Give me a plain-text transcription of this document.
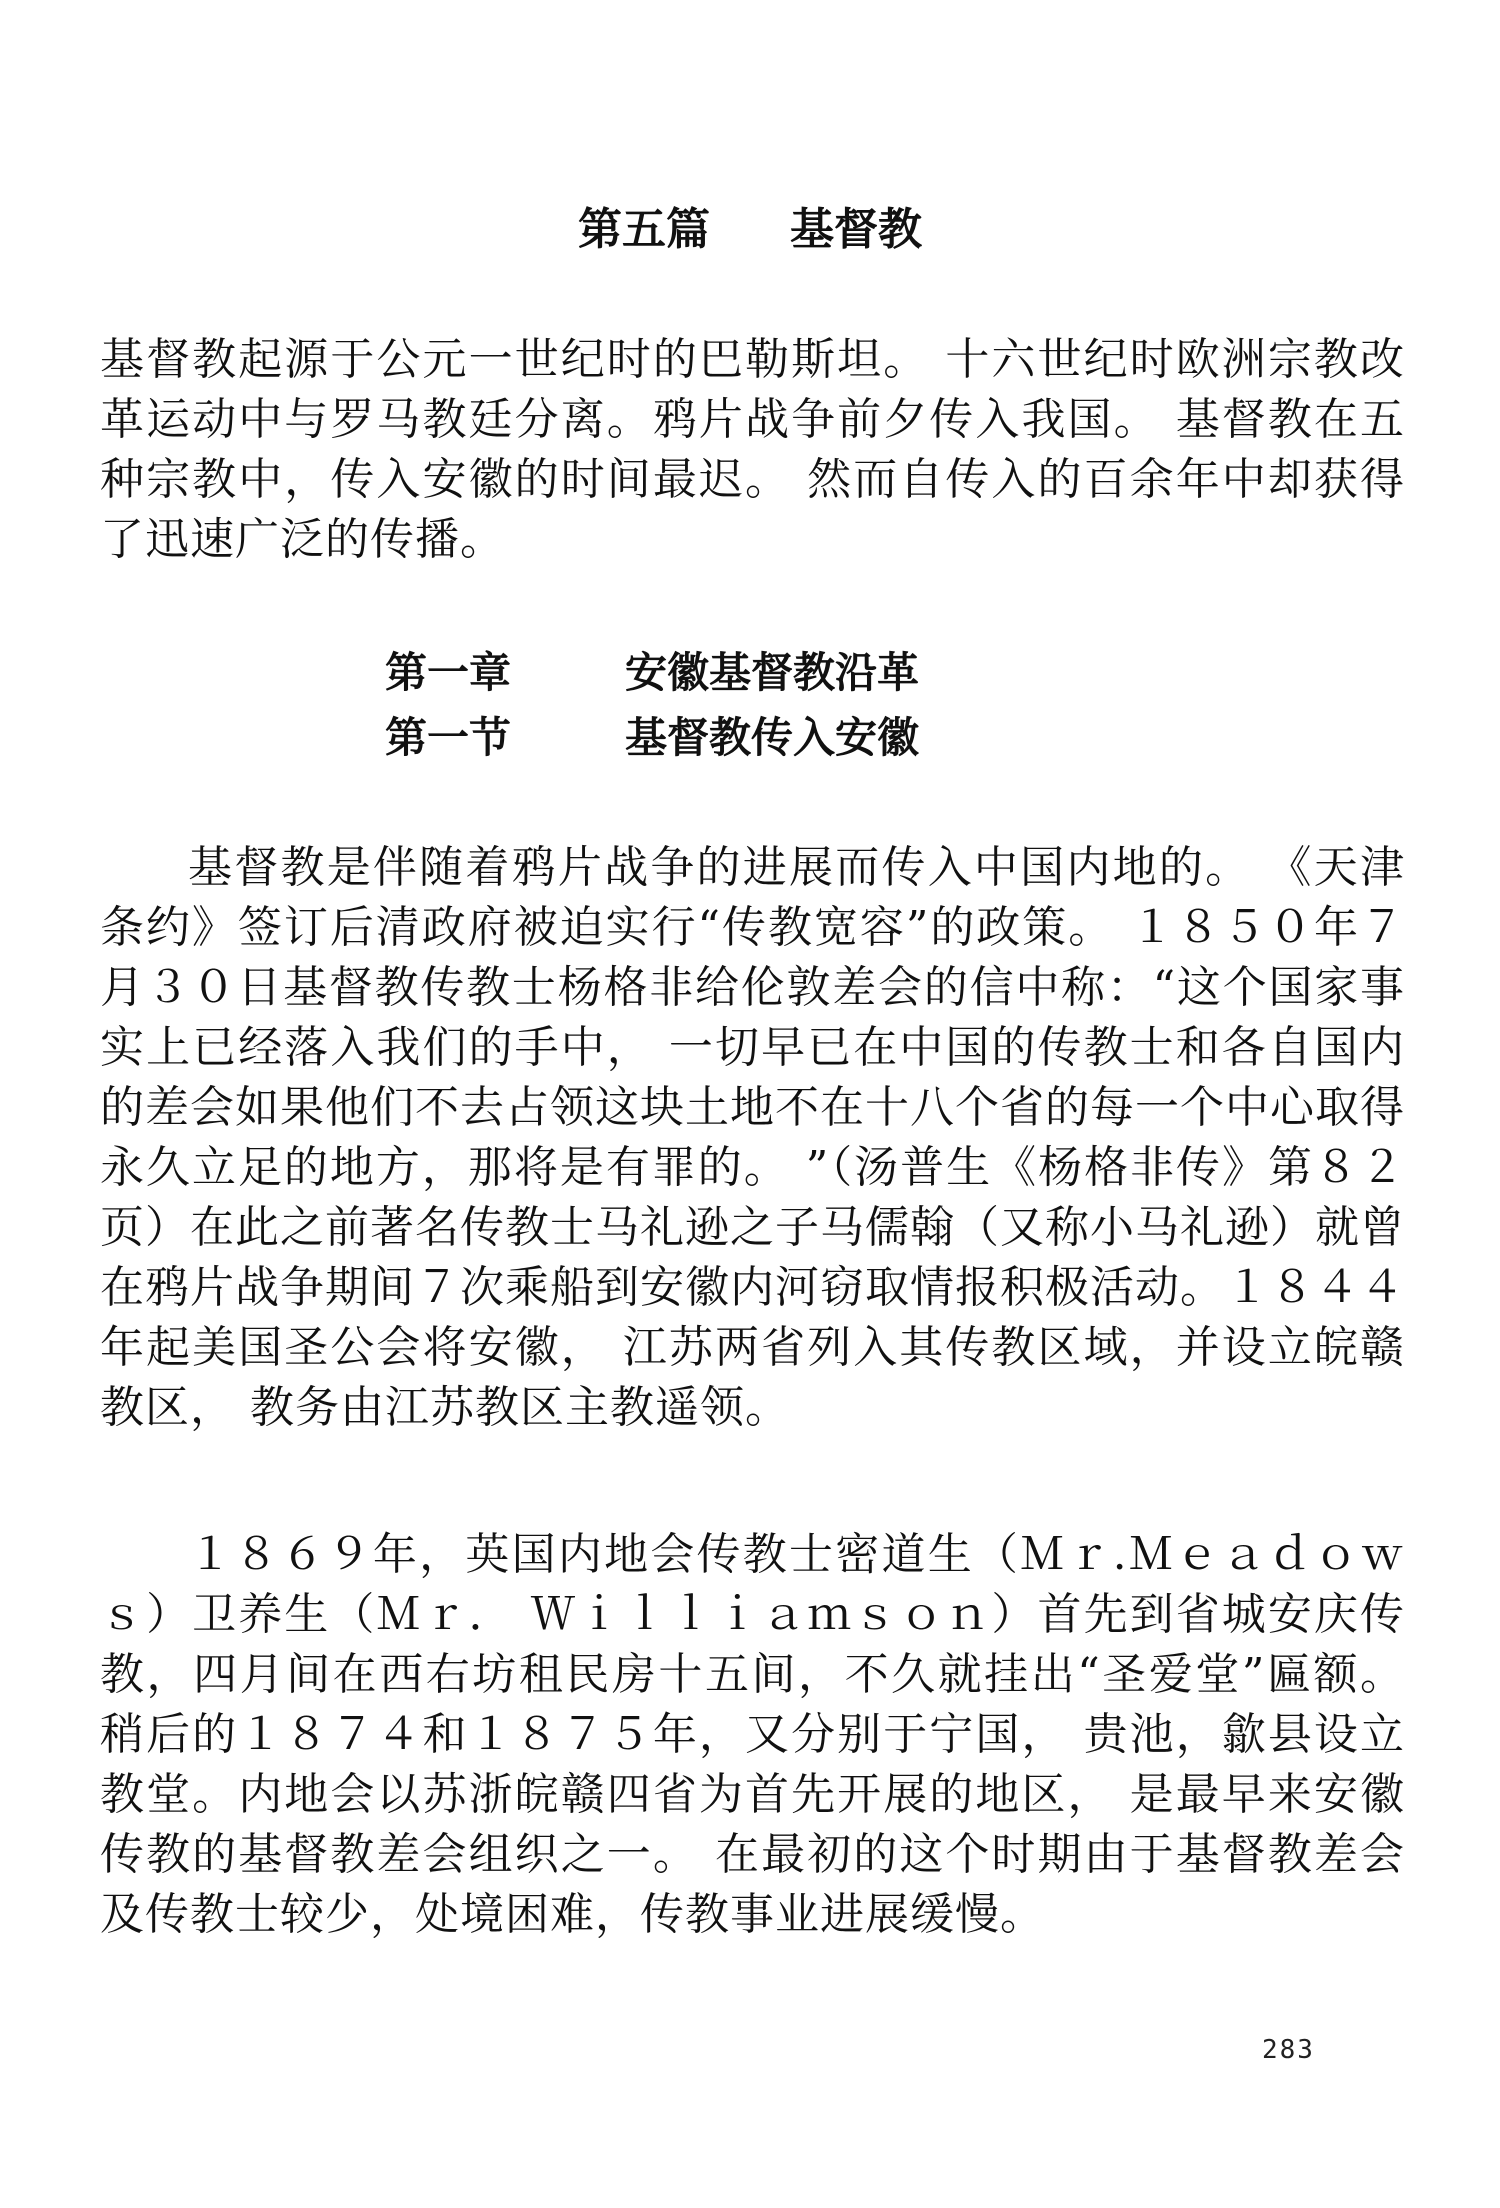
第五篇 基督教
基督教起源于公元一世纪时的巴勒斯坦。 十六世纪时欧洲宗教改革运动中与罗马教廷分离。鸦片战争前夕传入我国。 基督教在五种宗教中，传入安徽的时间最迟。 然而自传入的百余年中却获得了迅速广泛的传播。
第一章	安徽基督教沿革
第一节	基督教传入安徽
基督教是伴随着鸦片战争的进展而传入中国内地的。 《天津条约》签订后清政府被迫实行“传教宽容”的政策。 １８５０年７月３０日基督教传教士杨格非给伦敦差会的信中称：“这个国家事实上已经落入我们的手中， 一切早已在中国的传教士和各自国内的差会如果他们不去占领这块土地不在十八个省的每一个中心取得永久立足的地方，那将是有罪的。 ”（汤普生《杨格非传》第８２页）在此之前著名传教士马礼逊之子马儒翰（又称小马礼逊）就曾在鸦片战争期间７次乘船到安徽内河窃取情报积极活动。１８４４年起美国圣公会将安徽， 江苏两省列入其传教区域，并设立皖赣教区， 教务由江苏教区主教遥领。
１８６９年，英国内地会传教士密道生（Ｍｒ.Ｍｅａｄｏｗｓ）卫养生（Ｍｒ． Ｗｉｌｌｉａｍｓｏｎ）首先到省城安庆传教，四月间在西右坊租民房十五间，不久就挂出“圣爱堂”匾额。稍后的１８７４和１８７５年，又分别于宁国， 贵池，歙县设立教堂。内地会以苏浙皖赣四省为首先开展的地区， 是最早来安徽传教的基督教差会组织之一。 在最初的这个时期由于基督教差会及传教士较少，处境困难，传教事业进展缓慢。
283
